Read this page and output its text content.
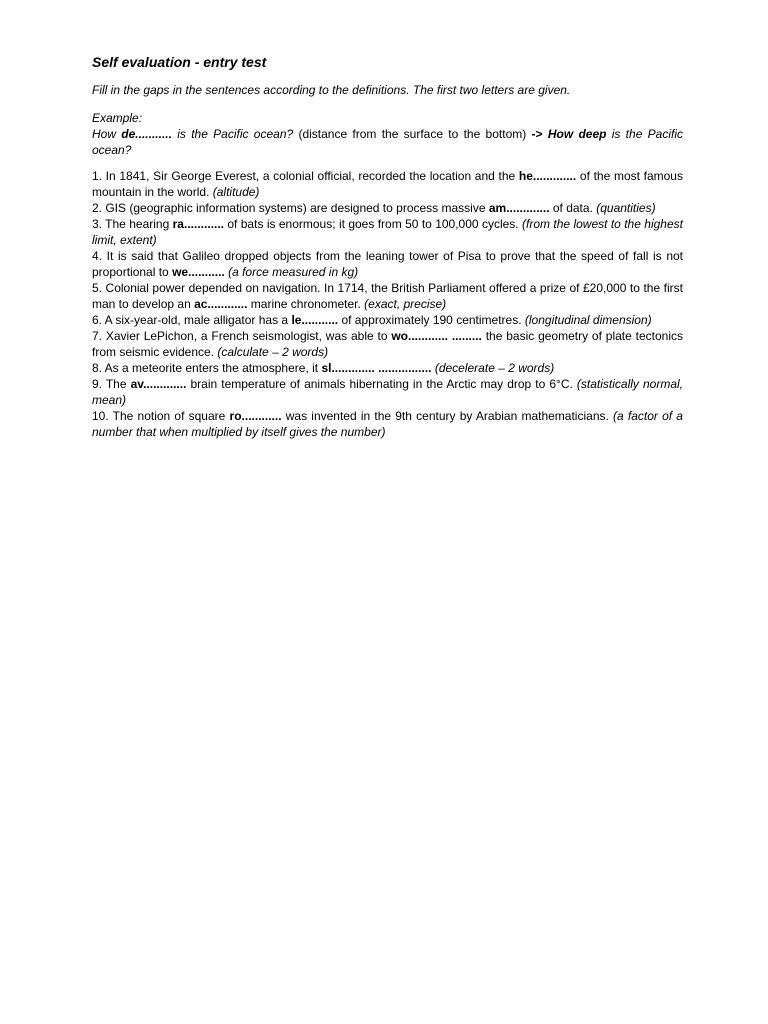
Self evaluation - entry test

Fill in the gaps in the sentences according to the definitions. The first two letters are given.

Example:

How de........... is the Pacific ocean? (distance from the surface to the bottom) -> How deep is the Pacific ocean?

1. In 1841, Sir George Everest, a colonial official, recorded the location and the he............. of the most famous mountain in the world. (altitude)

2. GIS (geographic information systems) are designed to process massive am............. of data. (quantities)

3. The hearing ra............ of bats is enormous; it goes from 50 to 100,000 cycles. (from the lowest to the highest limit, extent)

4. It is said that Galileo dropped objects from the leaning tower of Pisa to prove that the speed of fall is not proportional to we........... (a force measured in kg)

5. Colonial power depended on navigation. In 1714, the British Parliament offered a prize of £20,000 to the first man to develop an ac............ marine chronometer. (exact, precise)

6. A six-year-old, male alligator has a le........... of approximately 190 centimetres. (longitudinal dimension)

7. Xavier LePichon, a French seismologist, was able to wo............ ......... the basic geometry of plate tectonics from seismic evidence. (calculate – 2 words)

8. As a meteorite enters the atmosphere, it sl............. ................ (decelerate – 2 words)

9. The av............. brain temperature of animals hibernating in the Arctic may drop to 6°C. (statistically normal, mean)

10. The notion of square ro............ was invented in the 9th century by Arabian mathematicians. (a factor of a number that when multiplied by itself gives the number)
